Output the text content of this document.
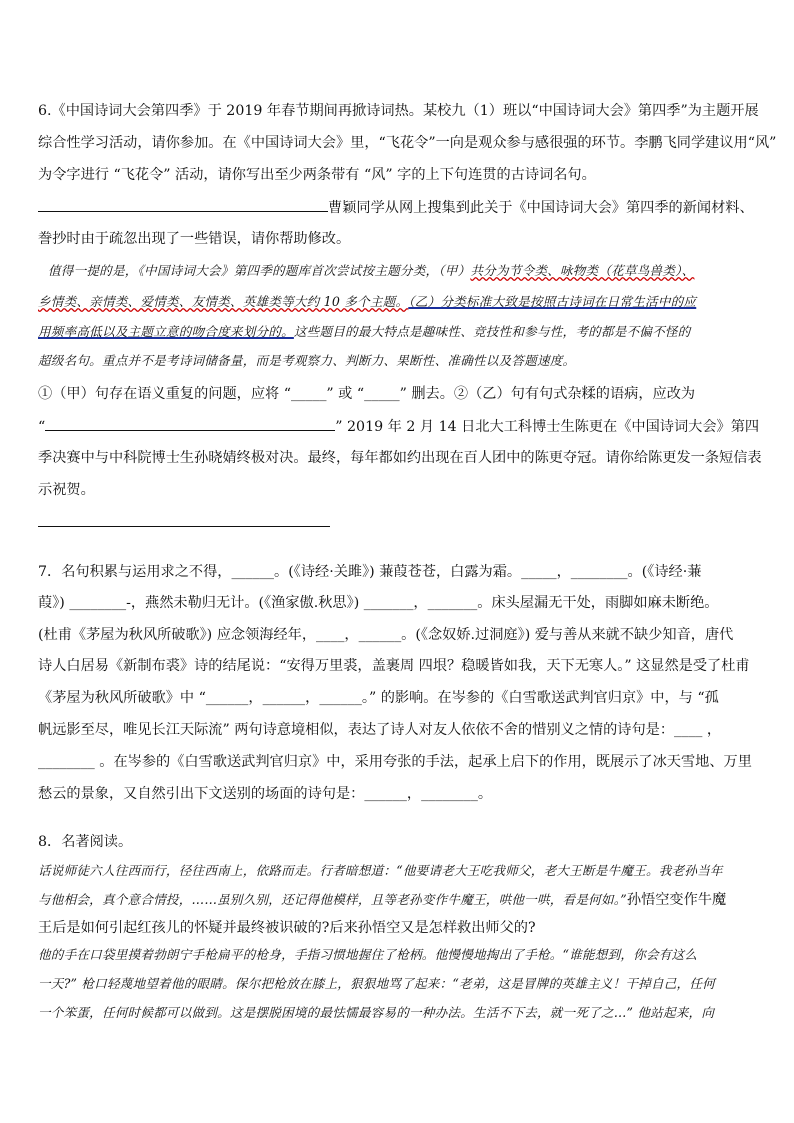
6.《中国诗词大会第四季》于 2019 年春节期间再掀诗词热。某校九（1）班以“中国诗词大会》第四季”为主题开展
综合性学习活动，请你参加。在《中国诗词大会》里，“飞花令”一向是观众参与感很强的环节。李鹏飞同学建议用“风”
为令字进行 “飞花令” 活动，请你写出至少两条带有 “风” 字的上下句连贯的古诗词名句。
曹颖同学从网上搜集到此关于《中国诗词大会》第四季的新闻材料、
誊抄时由于疏忽出现了一些错误，请你帮助修改。
值得一提的是，《中国诗词大会》第四季的题库首次尝试按主题分类，（甲）共分为节令类、咏物类（花草鸟兽类）、
乡情类、亲情类、爱情类、友情类、英雄类等大约 10 多个主题。（乙）分类标准大致是按照古诗词在日常生活中的应
用频率高低以及主题立意的吻合度来划分的。这些题目的最大特点是趣味性、竞技性和参与性，考的都是不偏不怪的
超级名句。重点并不是考诗词储备量，而是考观察力、判断力、果断性、准确性以及答题速度。
①（甲）句存在语义重复的问题，应将 “_____” 或 “_____” 删去。②（乙）句有句式杂糅的语病，应改为
“	” 2019 年 2 月 14 日北大工科博士生陈更在《中国诗词大会》第四
季决赛中与中科院博士生孙晓婧终极对决。最终，每年都如约出现在百人团中的陈更夺冠。请你给陈更发一条短信表
示祝贺。
7．名句积累与运用求之不得，______。(《诗经·关雎》) 蒹葭苍苍，白露为霜。_____，________。(《诗经·蒹
葭》) ________-，燕然未勒归无计。(《渔家傲.秋思》) _______，_______。床头屋漏无干处，雨脚如麻未断绝。
(杜甫《茅屋为秋风所破歌》) 应念领海经年，____，______。(《念奴娇.过洞庭》) 爱与善从来就不缺少知音，唐代
诗人白居易《新制布裘》诗的结尾说：“安得万里裘，盖裹周 四垠？稳暖皆如我，天下无寒人。” 这显然是受了杜甫
《茅屋为秋风所破歌》中 “______，______，______。” 的影响。在岑参的《白雪歌送武判官归京》中，与 “孤
帆远影至尽，唯见长江天际流” 两句诗意境相似，表达了诗人对友人依依不舍的惜别义之情的诗句是：____ ，
________ 。在岑参的《白雪歌送武判官归京》中，采用夸张的手法，起承上启下的作用，既展示了冰天雪地、万里
愁云的景象，又自然引出下文送别的场面的诗句是：______，________。
8．名著阅读。
话说师徒六人往西而行，径往西南上，依路而走。行者暗想道：“他要请老大王吃我师父，老大王断是牛魔王。我老孙当年
与他相会，真个意合情投，……虽别久别，还记得他模样，且等老孙变作牛魔王，哄他一哄，看是何如。”孙悟空变作牛魔
王后是如何引起红孩儿的怀疑并最终被识破的?后来孙悟空又是怎样救出师父的?
他的手在口袋里摸着勃朗宁手枪扁平的枪身，手指习惯地握住了枪柄。他慢慢地掏出了手枪。“谁能想到，你会有这么
一天?” 枪口轻蔑地望着他的眼睛。保尔把枪放在膝上，狠狠地骂了起来：“老弟，这是冒牌的英雄主义！干掉自己，任何
一个笨蛋，任何时候都可以做到。这是摆脱困境的最怯懦最容易的一种办法。生活不下去，就一死了之…” 他站起来，向
